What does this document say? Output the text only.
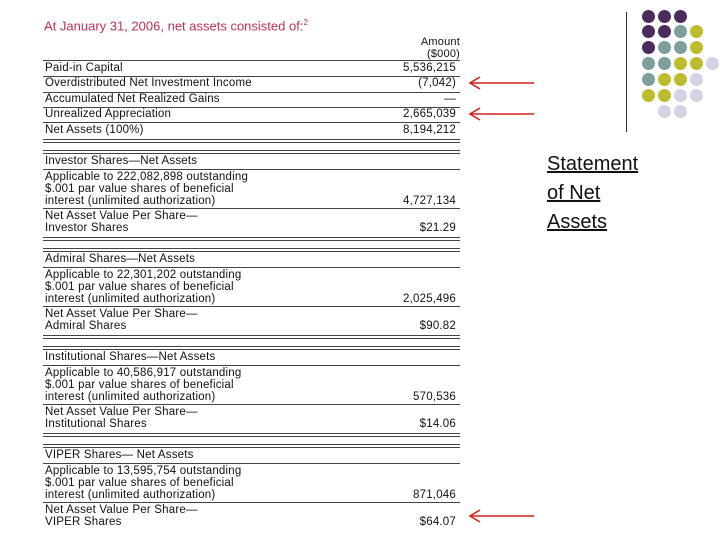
At January 31, 2006, net assets consisted of:$^2$
Amount
($000)
Paid-in Capital	5,536,215
Overdistributed Net Investment Income	(7,042)
Accumulated Net Realized Gains	—
Unrealized Appreciation	2,665,039
Net Assets (100%)	8,194,212
Investor Shares—Net Assets
Applicable to 222,082,898 outstanding
$.001 par value shares of beneficial
interest (unlimited authorization)	4,727,134
Net Asset Value Per Share—
Investor Shares	$21.29
Admiral Shares—Net Assets
Applicable to 22,301,202 outstanding
$.001 par value shares of beneficial
interest (unlimited authorization)	2,025,496
Net Asset Value Per Share—
Admiral Shares	$90.82
Institutional Shares—Net Assets
Applicable to 40,586,917 outstanding
$.001 par value shares of beneficial
interest (unlimited authorization)	570,536
Net Asset Value Per Share—
Institutional Shares	$14.06
VIPER Shares— Net Assets
Applicable to 13,595,754 outstanding
$.001 par value shares of beneficial
interest (unlimited authorization)	871,046
Net Asset Value Per Share—
VIPER Shares	$64.07
Statement
of Net
Assets
